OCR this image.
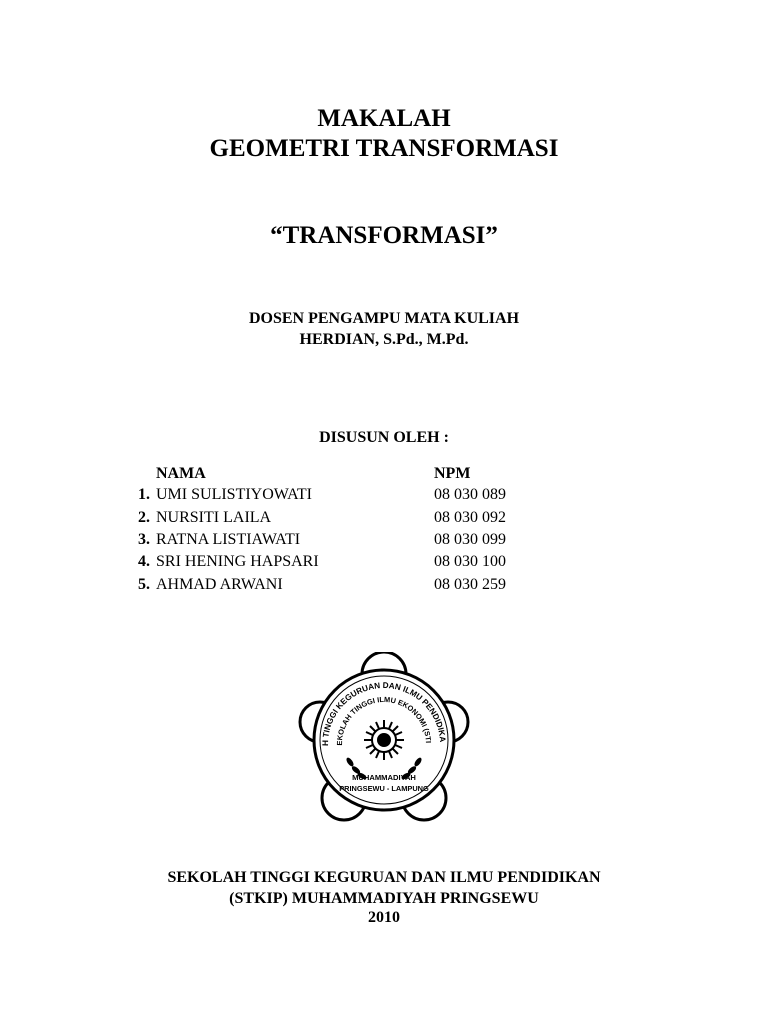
MAKALAH
GEOMETRI TRANSFORMASI
“TRANSFORMASI”
DOSEN PENGAMPU MATA KULIAH
HERDIAN, S.Pd., M.Pd.
DISUSUN OLEH :
NAMA	NPM
1. UMI SULISTIYOWATI	08 030 089
2. NURSITI LAILA	08 030 092
3. RATNA LISTIAWATI	08 030 099
4. SRI HENING HAPSARI	08 030 100
5. AHMAD ARWANI	08 030 259
H TINGGI KEGURUAN DAN ILMU PENDIDIKA
EKOLAH TINGGI ILMU EKONOMI (STI
MUHAMMADIYAH
PRINGSEWU - LAMPUNG
SEKOLAH TINGGI KEGURUAN DAN ILMU PENDIDIKAN
(STKIP) MUHAMMADIYAH PRINGSEWU
2010
